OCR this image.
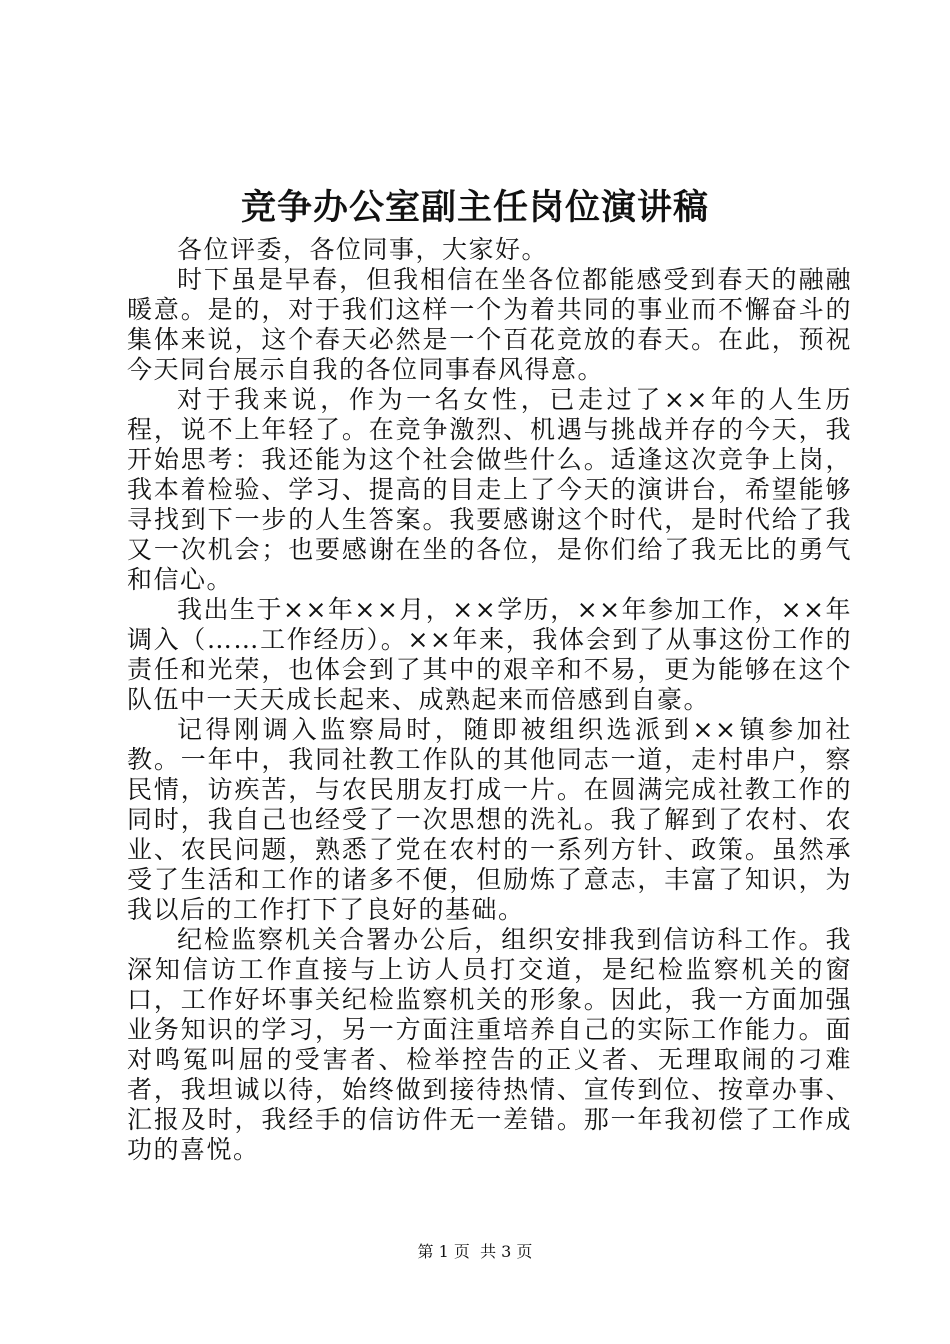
竞争办公室副主任岗位演讲稿

各位评委，各位同事，大家好。

时下虽是早春，但我相信在坐各位都能感受到春天的融融暖意。是的，对于我们这样一个为着共同的事业而不懈奋斗的集体来说，这个春天必然是一个百花竞放的春天。在此，预祝今天同台展示自我的各位同事春风得意。

对于我来说，作为一名女性，已走过了××年的人生历程，说不上年轻了。在竞争激烈、机遇与挑战并存的今天，我开始思考：我还能为这个社会做些什么。适逢这次竞争上岗，我本着检验、学习、提高的目走上了今天的演讲台，希望能够寻找到下一步的人生答案。我要感谢这个时代，是时代给了我又一次机会；也要感谢在坐的各位，是你们给了我无比的勇气和信心。

我出生于××年××月，××学历，××年参加工作，××年调入（……工作经历）。××年来，我体会到了从事这份工作的责任和光荣，也体会到了其中的艰辛和不易，更为能够在这个队伍中一天天成长起来、成熟起来而倍感到自豪。

记得刚调入监察局时，随即被组织选派到××镇参加社教。一年中，我同社教工作队的其他同志一道，走村串户，察民情，访疾苦，与农民朋友打成一片。在圆满完成社教工作的同时，我自己也经受了一次思想的洗礼。我了解到了农村、农业、农民问题，熟悉了党在农村的一系列方针、政策。虽然承受了生活和工作的诸多不便，但励炼了意志，丰富了知识，为我以后的工作打下了良好的基础。

纪检监察机关合署办公后，组织安排我到信访科工作。我深知信访工作直接与上访人员打交道，是纪检监察机关的窗口，工作好坏事关纪检监察机关的形象。因此，我一方面加强业务知识的学习，另一方面注重培养自己的实际工作能力。面对鸣冤叫屈的受害者、检举控告的正义者、无理取闹的刁难者，我坦诚以待，始终做到接待热情、宣传到位、按章办事、汇报及时，我经手的信访件无一差错。那一年我初偿了工作成功的喜悦。

第 1 页  共 3 页
